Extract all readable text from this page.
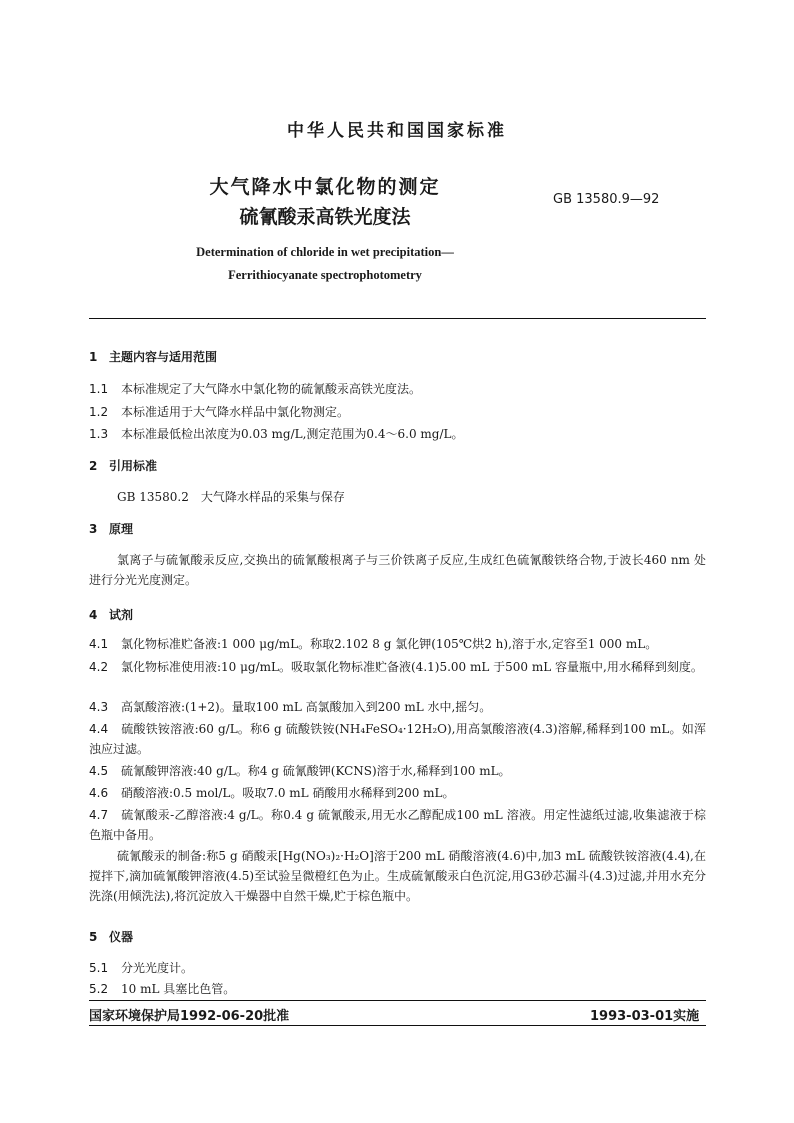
中华人民共和国国家标准
大气降水中氯化物的测定
硫氰酸汞高铁光度法
GB 13580.9—92
Determination of chloride in wet precipitation—
Ferrithiocyanate spectrophotometry
1 主题内容与适用范围
1.1 本标准规定了大气降水中氯化物的硫氰酸汞高铁光度法。
1.2 本标准适用于大气降水样品中氯化物测定。
1.3 本标准最低检出浓度为0.03 mg/L,测定范围为0.4～6.0 mg/L。
2 引用标准
GB 13580.2　大气降水样品的采集与保存
3 原理
氯离子与硫氰酸汞反应,交换出的硫氰酸根离子与三价铁离子反应,生成红色硫氰酸铁络合物,于波长460 nm 处进行分光光度测定。
4 试剂
4.1 氯化物标准贮备液:1 000 μg/mL。称取2.102 8 g 氯化钾(105℃烘2 h),溶于水,定容至1 000 mL。
4.2 氯化物标准使用液:10 μg/mL。吸取氯化物标准贮备液(4.1)5.00 mL 于500 mL 容量瓶中,用水稀释到刻度。
4.3 高氯酸溶液:(1+2)。量取100 mL 高氯酸加入到200 mL 水中,摇匀。
4.4 硫酸铁铵溶液:60 g/L。称6 g 硫酸铁铵(NH₄FeSO₄·12H₂O),用高氯酸溶液(4.3)溶解,稀释到100 mL。如浑浊应过滤。
4.5 硫氰酸钾溶液:40 g/L。称4 g 硫氰酸钾(KCNS)溶于水,稀释到100 mL。
4.6 硝酸溶液:0.5 mol/L。吸取7.0 mL 硝酸用水稀释到200 mL。
4.7 硫氰酸汞-乙醇溶液:4 g/L。称0.4 g 硫氰酸汞,用无水乙醇配成100 mL 溶液。用定性滤纸过滤,收集滤液于棕色瓶中备用。
硫氰酸汞的制备:称5 g 硝酸汞[Hg(NO₃)₂·H₂O]溶于200 mL 硝酸溶液(4.6)中,加3 mL 硫酸铁铵溶液(4.4),在搅拌下,滴加硫氰酸钾溶液(4.5)至试验呈微橙红色为止。生成硫氰酸汞白色沉淀,用G3砂芯漏斗(4.3)过滤,并用水充分洗涤(用倾洗法),将沉淀放入干燥器中自然干燥,贮于棕色瓶中。
5 仪器
5.1 分光光度计。
5.2 10 mL 具塞比色管。
国家环境保护局1992-06-20批准	1993-03-01实施
